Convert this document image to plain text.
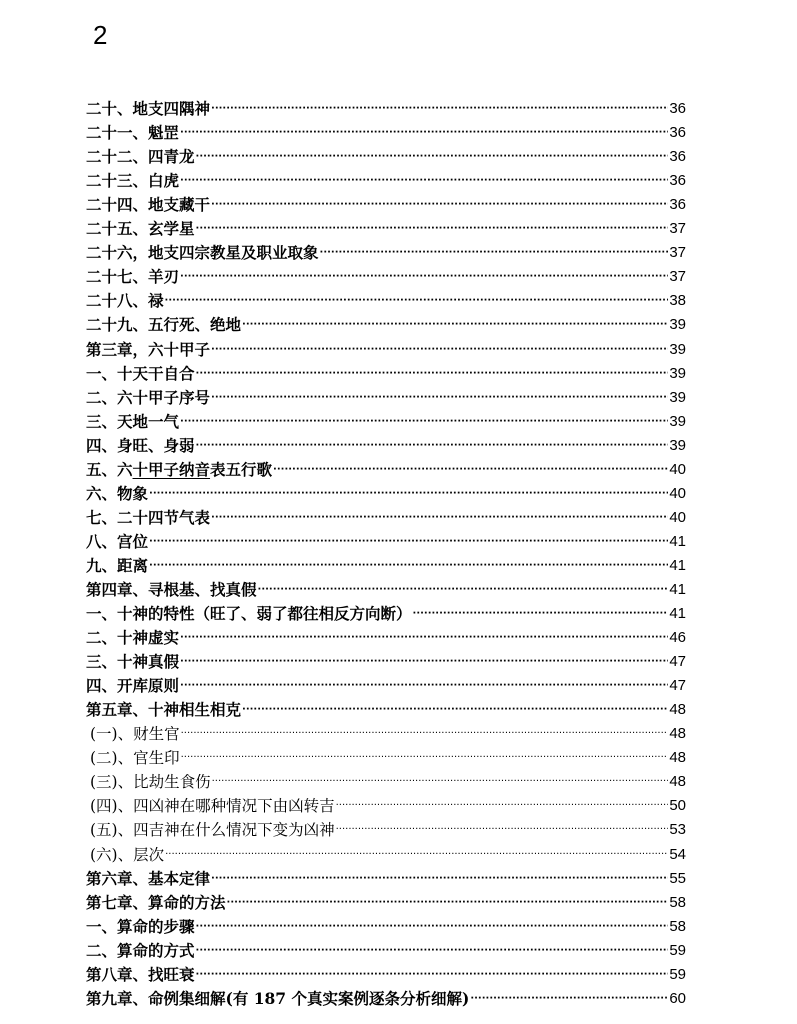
2
二十、地支四隅神 ·····	36
二十一、魁罡 ·····	36
二十二、四青龙 ·····	36
二十三、白虎 ·····	36
二十四、地支藏干 ·····	36
二十五、玄学星 ·····	37
二十六，地支四宗教星及职业取象 ·····	37
二十七、羊刃 ·····	37
二十八、禄 ·····	38
二十九、五行死、绝地 ·····	39
第三章，六十甲子 ·····	39
一、十天干自合 ·····	39
二、六十甲子序号 ·····	39
三、天地一气 ·····	39
四、身旺、身弱 ·····	39
五、六十甲子纳音表五行歌 ·····	40
六、物象 ·····	40
七、二十四节气表 ·····	40
八、宫位 ·····	41
九、距离 ·····	41
第四章、寻根基、找真假 ·····	41
一、十神的特性（旺了、弱了都往相反方向断） ·····	41
二、十神虚实 ·····	46
三、十神真假 ·····	47
四、开库原则 ·····	47
第五章、十神相生相克 ·····	48
(一)、财生官 ·····	48
(二)、官生印 ·····	48
(三)、比劫生食伤 ·····	48
(四)、四凶神在哪种情况下由凶转吉 ·····	50
(五)、四吉神在什么情况下变为凶神 ·····	53
(六)、层次 ·····	54
第六章、基本定律 ·····	55
第七章、算命的方法 ·····	58
一、算命的步骤 ·····	58
二、算命的方式 ·····	59
第八章、找旺衰 ·····	59
第九章、命例集细解(有 187 个真实案例逐条分析细解) ·····	60
